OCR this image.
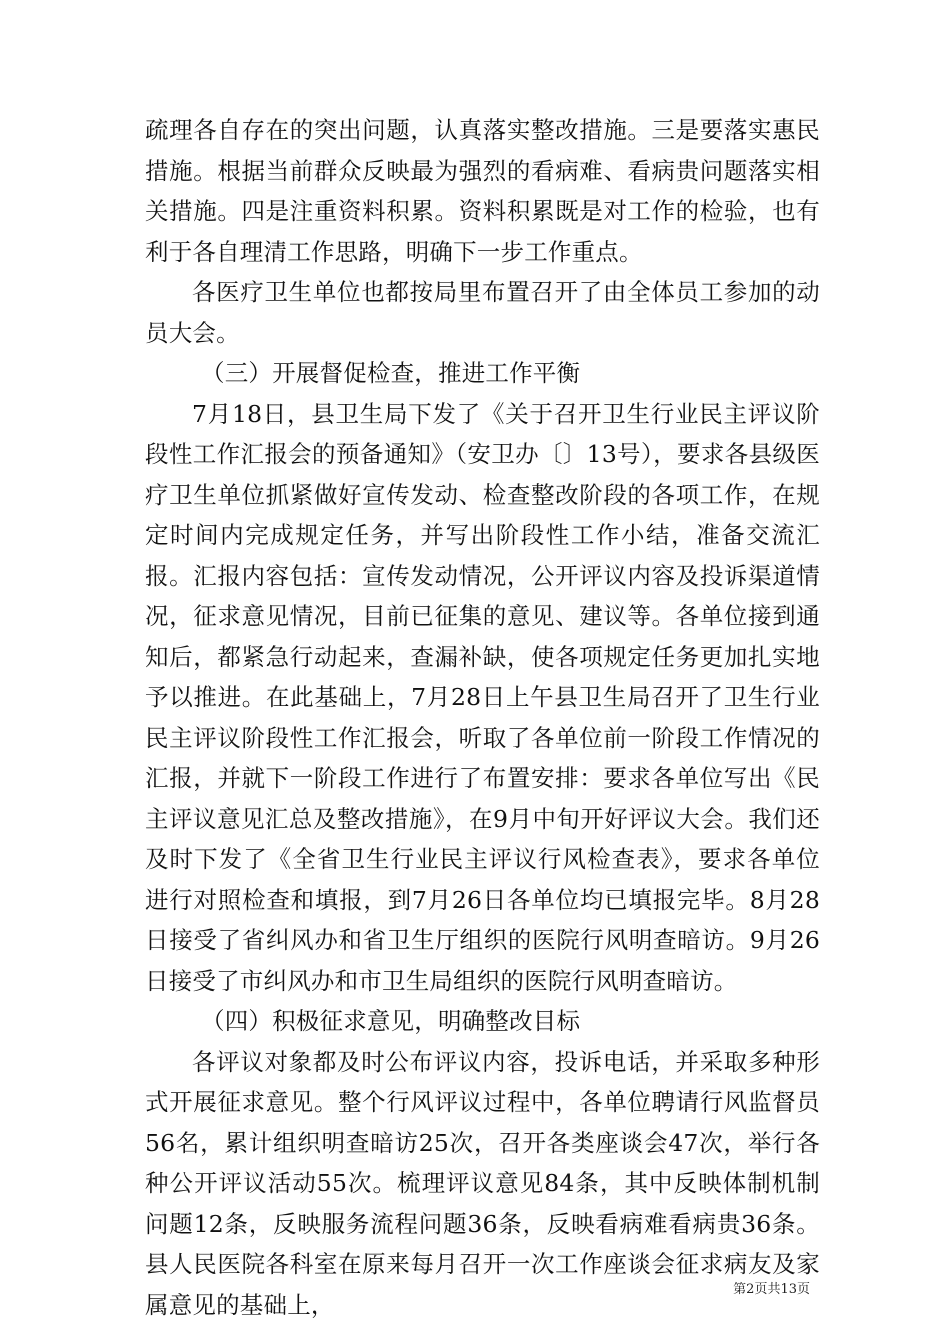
疏理各自存在的突出问题，认真落实整改措施。三是要落实惠民措施。根据当前群众反映最为强烈的看病难、看病贵问题落实相关措施。四是注重资料积累。资料积累既是对工作的检验，也有利于各自理清工作思路，明确下一步工作重点。

各医疗卫生单位也都按局里布置召开了由全体员工参加的动员大会。

（三）开展督促检查，推进工作平衡

7月18日，县卫生局下发了《关于召开卫生行业民主评议阶段性工作汇报会的预备通知》（安卫办〔〕13号），要求各县级医疗卫生单位抓紧做好宣传发动、检查整改阶段的各项工作，在规定时间内完成规定任务，并写出阶段性工作小结，准备交流汇报。汇报内容包括：宣传发动情况，公开评议内容及投诉渠道情况，征求意见情况，目前已征集的意见、建议等。各单位接到通知后，都紧急行动起来，查漏补缺，使各项规定任务更加扎实地予以推进。在此基础上，7月28日上午县卫生局召开了卫生行业民主评议阶段性工作汇报会，听取了各单位前一阶段工作情况的汇报，并就下一阶段工作进行了布置安排：要求各单位写出《民主评议意见汇总及整改措施》，在9月中旬开好评议大会。我们还及时下发了《全省卫生行业民主评议行风检查表》，要求各单位进行对照检查和填报，到7月26日各单位均已填报完毕。8月28日接受了省纠风办和省卫生厅组织的医院行风明查暗访。9月26日接受了市纠风办和市卫生局组织的医院行风明查暗访。

（四）积极征求意见，明确整改目标

各评议对象都及时公布评议内容，投诉电话，并采取多种形式开展征求意见。整个行风评议过程中，各单位聘请行风监督员56名，累计组织明查暗访25次，召开各类座谈会47次，举行各种公开评议活动55次。梳理评议意见84条，其中反映体制机制问题12条，反映服务流程问题36条，反映看病难看病贵36条。县人民医院各科室在原来每月召开一次工作座谈会征求病友及家属意见的基础上，

第2页共13页
